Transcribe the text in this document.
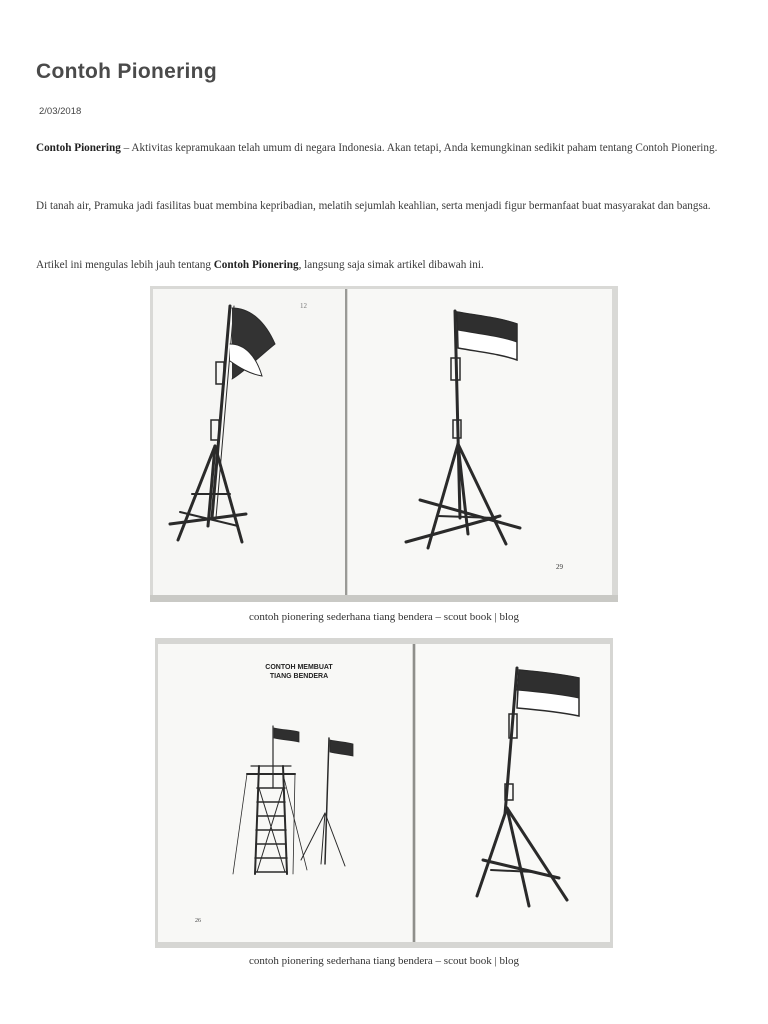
Contoh Pionering
2/03/2018

Contoh Pionering – Aktivitas kepramukaan telah umum di negara Indonesia. Akan tetapi, Anda kemungkinan sedikit paham tentang Contoh Pionering.

Di tanah air, Pramuka jadi fasilitas buat membina kepribadian, melatih sejumlah keahlian, serta menjadi figur bermanfaat buat masyarakat dan bangsa.

Artikel ini mengulas lebih jauh tentang Contoh Pionering, langsung saja simak artikel dibawah ini.

12
29
contoh pionering sederhana tiang bendera – scout book | blog
CONTOH MEMBUAT
TIANG BENDERA
26
contoh pionering sederhana tiang bendera – scout book | blog
